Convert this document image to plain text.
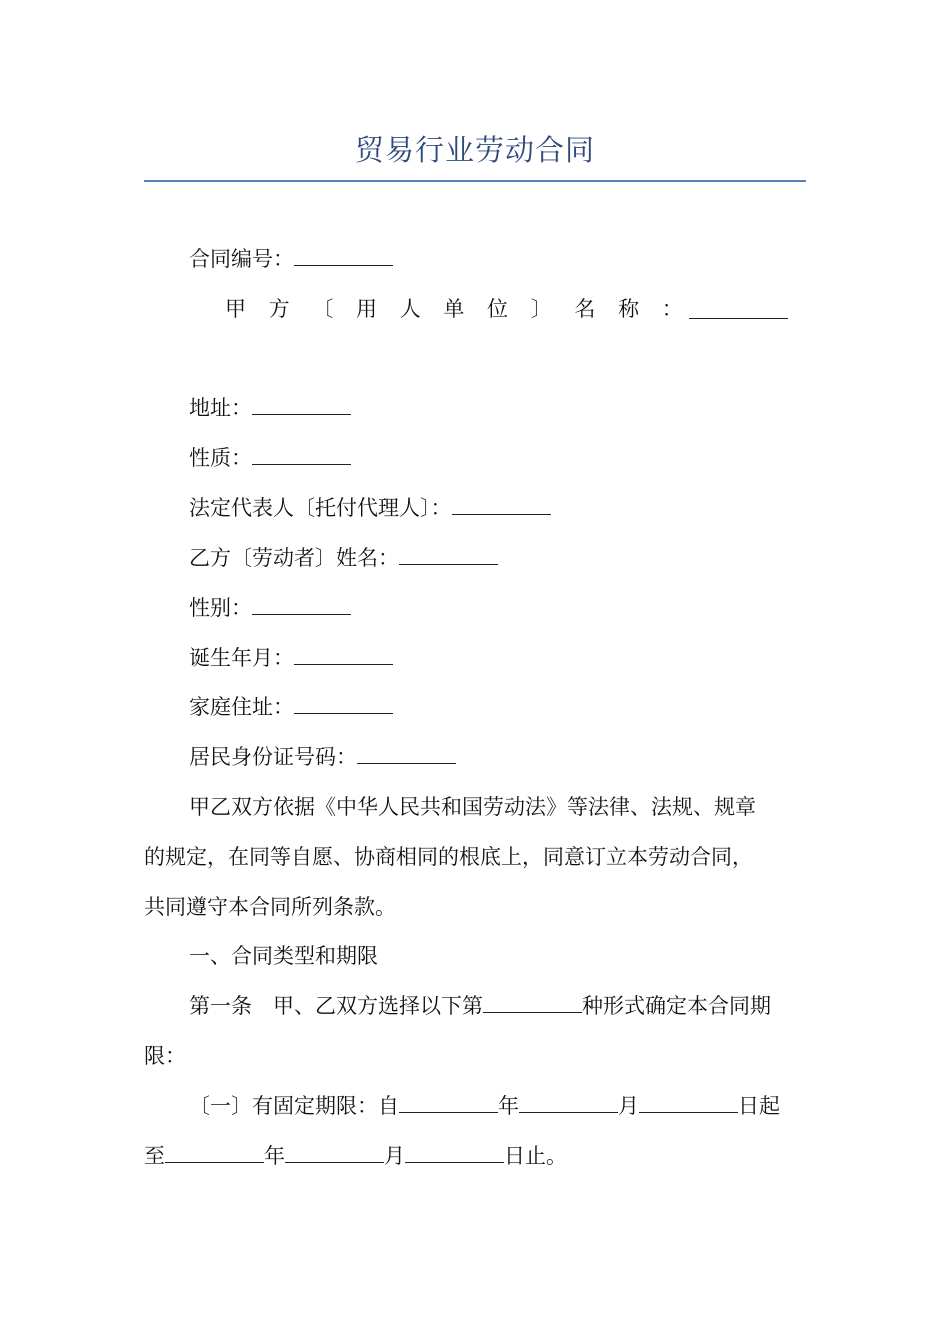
贸易行业劳动合同
合同编号：
甲 方 〔 用 人 单 位 〕 名 称 ：
地址：
性质：
法定代表人〔托付代理人〕：
乙方〔劳动者〕姓名：
性别：
诞生年月：
家庭住址：
居民身份证号码：
甲乙双方依据《中华人民共和国劳动法》等法律、法规、规章
的规定，在同等自愿、协商相同的根底上，同意订立本劳动合同，
共同遵守本合同所列条款。
一、合同类型和期限
第一条　甲、乙双方选择以下第	种形式确定本合同期
限：
〔一〕有固定期限：自	年	月	日起
至	年	月	日止。
